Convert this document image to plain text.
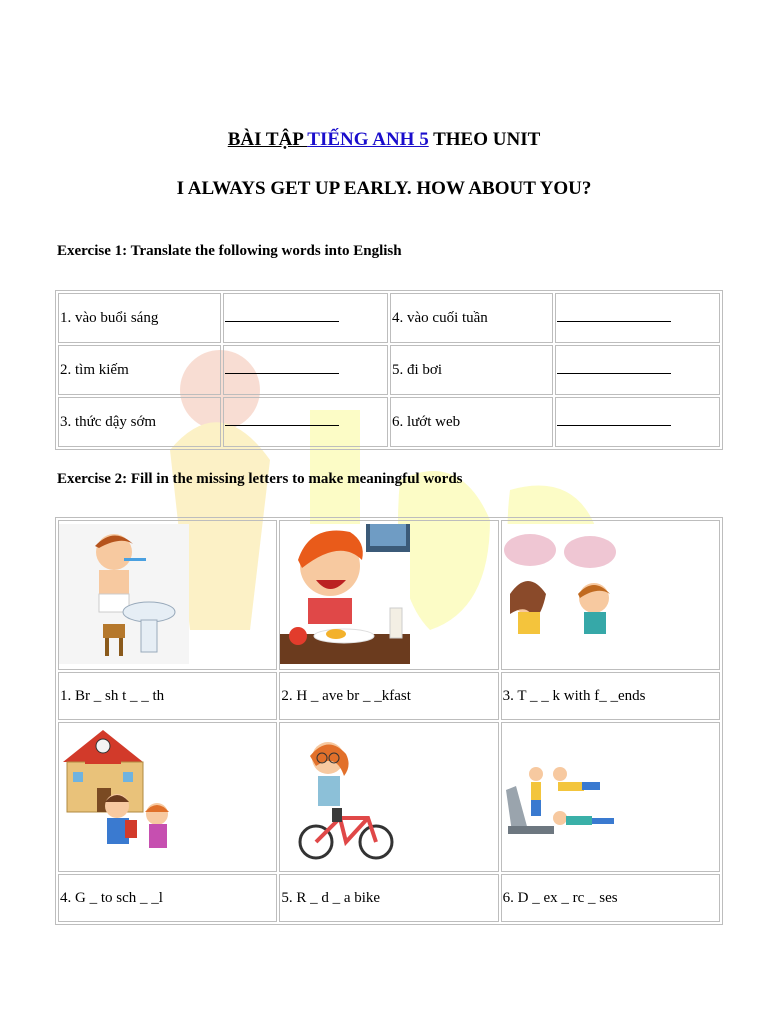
BÀI TẬP TIẾNG ANH 5 THEO UNIT
I ALWAYS GET UP EARLY. HOW ABOUT YOU?
Exercise 1: Translate the following words into English
1. vào buổi sáng		4. vào cuối tuần	
2. tìm kiếm		5. đi bơi	
3. thức dậy sớm		6. lướt web	
Exercise 2: Fill in the missing letters to make meaningful words

1. Br _ sh t _ _ th	2. H _ ave br _ _kfast	3. T _ _ k with f_ _ends

4. G _ to sch _ _l	5. R _ d _ a bike	6. D _ ex _ rc _ ses
